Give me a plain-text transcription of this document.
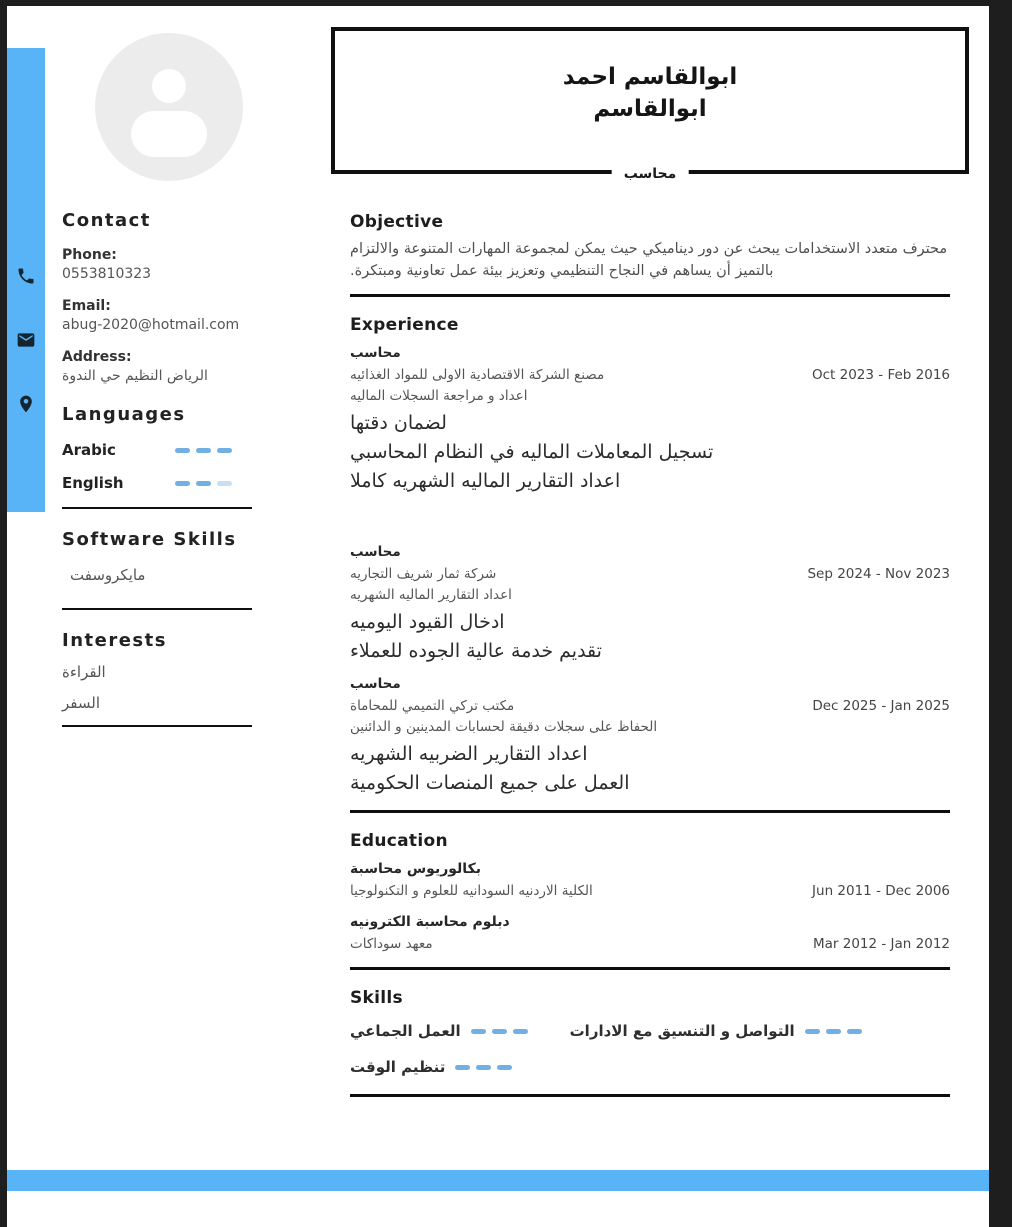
ابوالقاسم احمد
ابوالقاسم
محاسب
Contact
Phone:
0553810323
Email:
abug-2020@hotmail.com
Address:
الرياض النظيم حي الندوة
Languages
Arabic
English
Software Skills

مايكروسفت

Interests

القراءة

السفر

Objective

محترف متعدد الاستخدامات يبحث عن دور ديناميكي حيث يمكن لمجموعة المهارات المتنوعة والالتزام بالتميز أن يساهم في النجاح التنظيمي وتعزيز بيئة عمل تعاونية ومبتكرة.

Experience

محاسب

مصنع الشركة الاقتصادية الاولى للمواد الغذائيه	Oct 2023 - Feb 2016

اعداد و مراجعة السجلات الماليه

لضمان دقتها

تسجيل المعاملات الماليه في النظام المحاسبي

اعداد التقارير الماليه الشهريه كاملا

محاسب

شركة ثمار شريف التجاريه	Sep 2024 - Nov 2023

اعداد التقارير الماليه الشهريه

ادخال القيود اليوميه

تقديم خدمة عالية الجوده للعملاء

محاسب

مكتب تركي التميمي للمحاماة	Dec 2025 - Jan 2025

الحفاظ على سجلات دقيقة لحسابات المدينين و الدائنين

اعداد التقارير الضربيه الشهريه

العمل على جميع المنصات الحكومية

Education

بكالوريوس محاسبة

الكلية الاردنيه السودانيه للعلوم و التكنولوجيا	Jun 2011 - Dec 2006

دبلوم محاسبة الكترونيه

معهد سوداكات	Mar 2012 - Jan 2012
Skills
العمل الجماعي	التواصل و التنسيق مع الادارات
تنظيم الوقت
